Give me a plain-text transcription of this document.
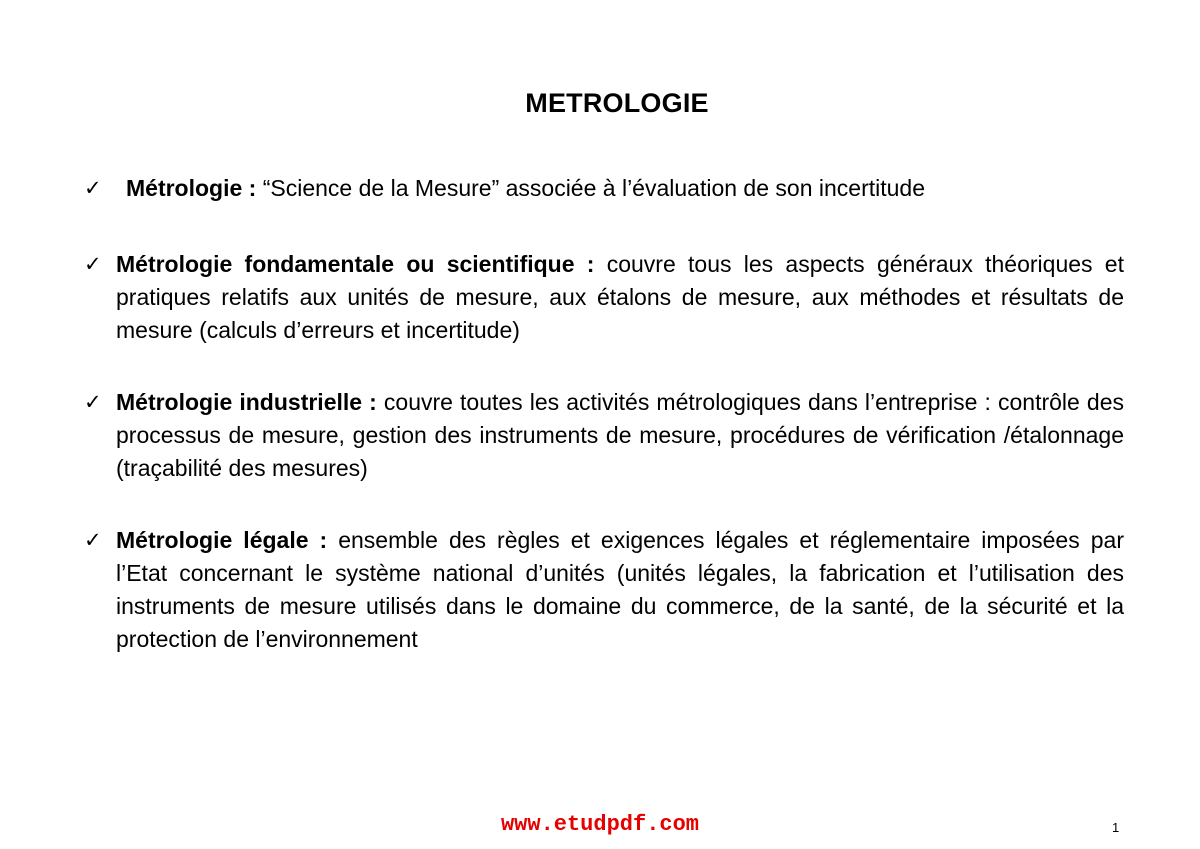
METROLOGIE
✓ Métrologie : “Science de la Mesure” associée à l’évaluation de son incertitude
✓ Métrologie fondamentale ou scientifique : couvre tous les aspects généraux théoriques et pratiques relatifs aux unités de mesure, aux étalons de mesure, aux méthodes et résultats de mesure (calculs d’erreurs et incertitude)
✓ Métrologie industrielle : couvre toutes les activités métrologiques dans l’entreprise : contrôle des processus de mesure, gestion des instruments de mesure, procédures de vérification /étalonnage (traçabilité des mesures)
✓ Métrologie légale : ensemble des règles et exigences légales et réglementaire imposées par l’Etat concernant le système national d’unités (unités légales, la fabrication et l’utilisation des instruments de mesure utilisés dans le domaine du commerce, de la santé, de la sécurité et la protection de l’environnement
www.etudpdf.com	1
